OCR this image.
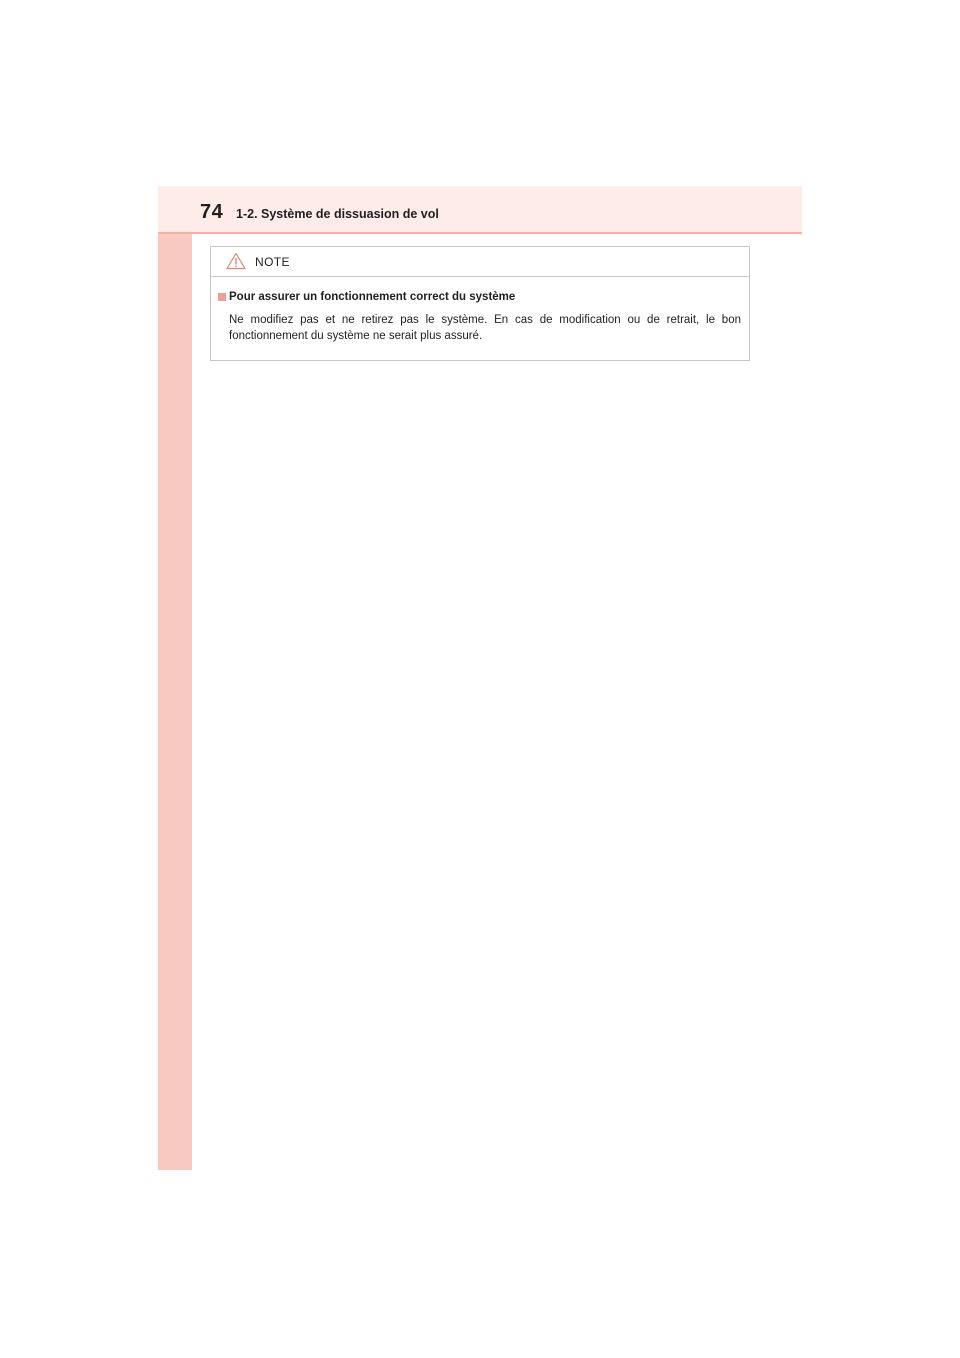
74 1-2. Système de dissuasion de vol
NOTE
Pour assurer un fonctionnement correct du système
Ne modifiez pas et ne retirez pas le système. En cas de modification ou de retrait, le bon fonctionnement du système ne serait plus assuré.
